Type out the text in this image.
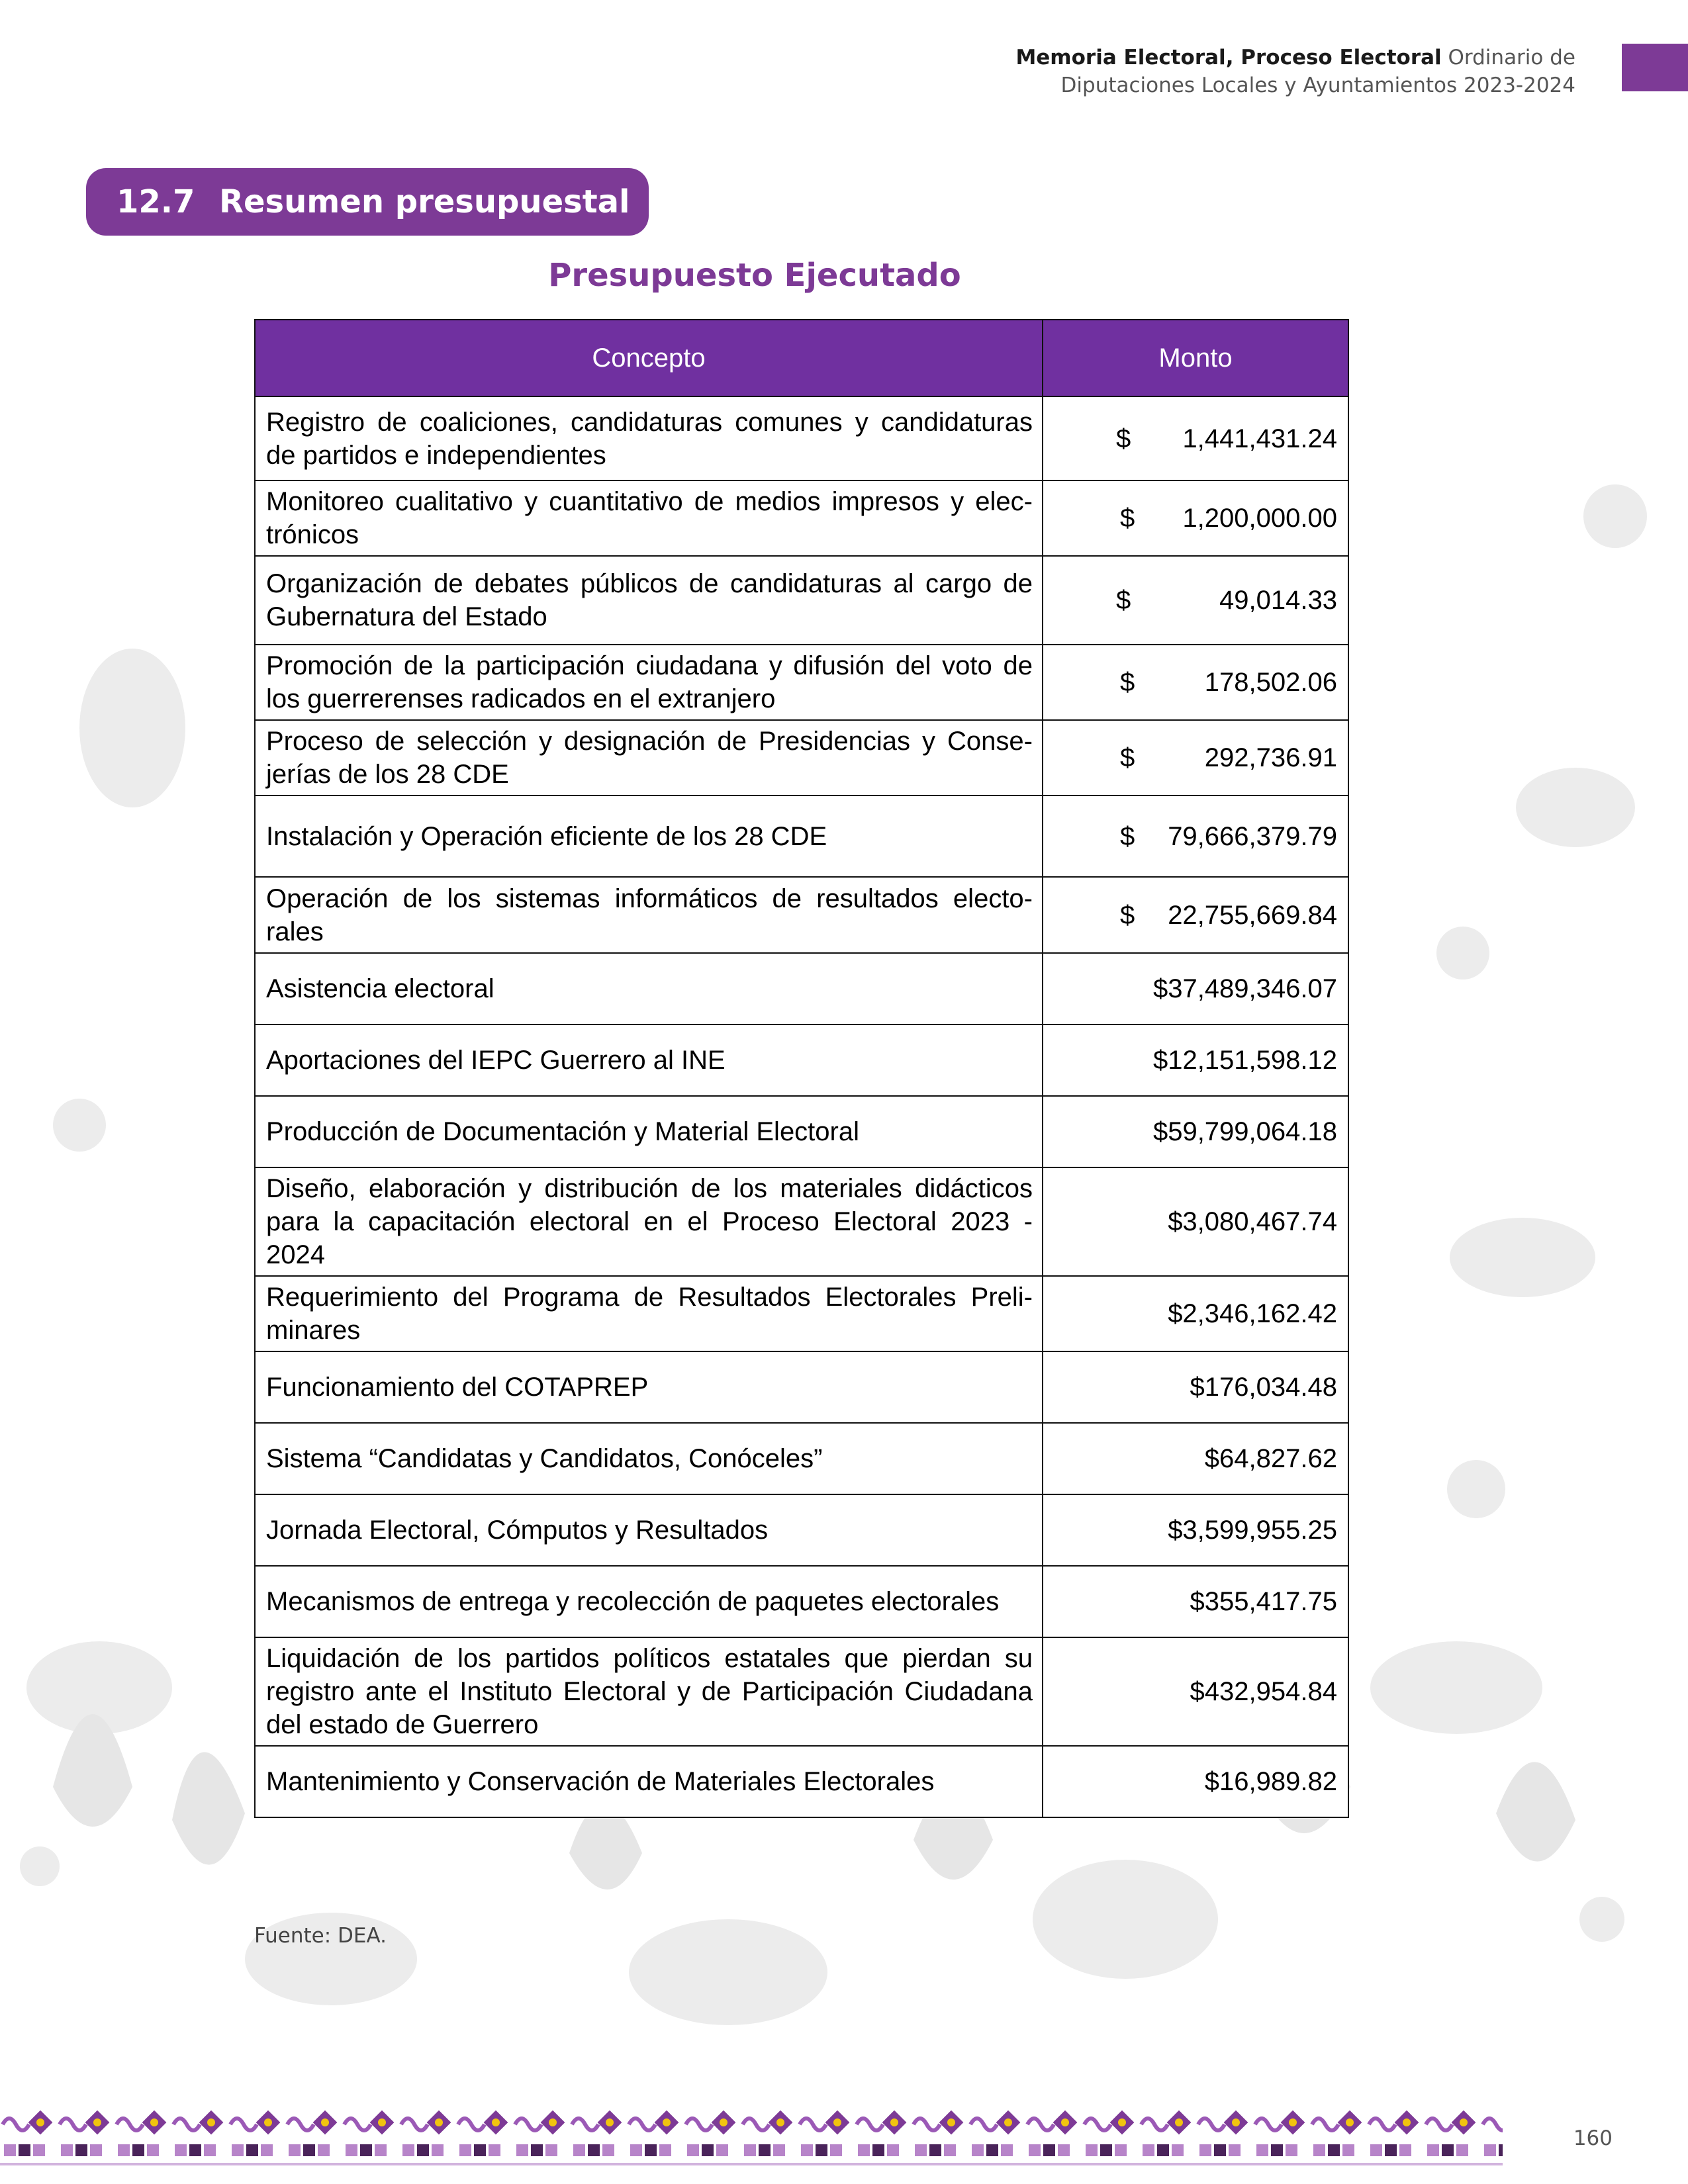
Memoria Electoral, Proceso Electoral Ordinario de
Diputaciones Locales y Ayuntamientos 2023-2024
12.7 Resumen presupuestal
Presupuesto Ejecutado
Concepto	Monto
Registro de coaliciones, candidaturas comunes y candidaturas de partidos e independientes	$ 1,441,431.24
Monitoreo cualitativo y cuantitativo de medios impresos y elec-trónicos	$ 1,200,000.00
Organización de debates públicos de candidaturas al cargo de Gubernatura del Estado	$ 49,014.33
Promoción de la participación ciudadana y difusión del voto de los guerrerenses radicados en el extranjero	$ 178,502.06
Proceso de selección y designación de Presidencias y Conse-jerías de los 28 CDE	$ 292,736.91
Instalación y Operación eficiente de los 28 CDE	$ 79,666,379.79
Operación de los sistemas informáticos de resultados electo-rales	$ 22,755,669.84
Asistencia electoral	$37,489,346.07
Aportaciones del IEPC Guerrero al INE	$12,151,598.12
Producción de Documentación y Material Electoral	$59,799,064.18
Diseño, elaboración y distribución de los materiales didácticos para la capacitación electoral en el Proceso Electoral 2023 - 2024	$3,080,467.74
Requerimiento del Programa de Resultados Electorales Preli-minares	$2,346,162.42
Funcionamiento del COTAPREP	$176,034.48
Sistema “Candidatas y Candidatos, Conóceles”	$64,827.62
Jornada Electoral, Cómputos y Resultados	$3,599,955.25
Mecanismos de entrega y recolección de paquetes electorales	$355,417.75
Liquidación de los partidos políticos estatales que pierdan su registro ante el Instituto Electoral y de Participación Ciudadana del estado de Guerrero	$432,954.84
Mantenimiento y Conservación de Materiales Electorales	$16,989.82
Fuente: DEA.
160
